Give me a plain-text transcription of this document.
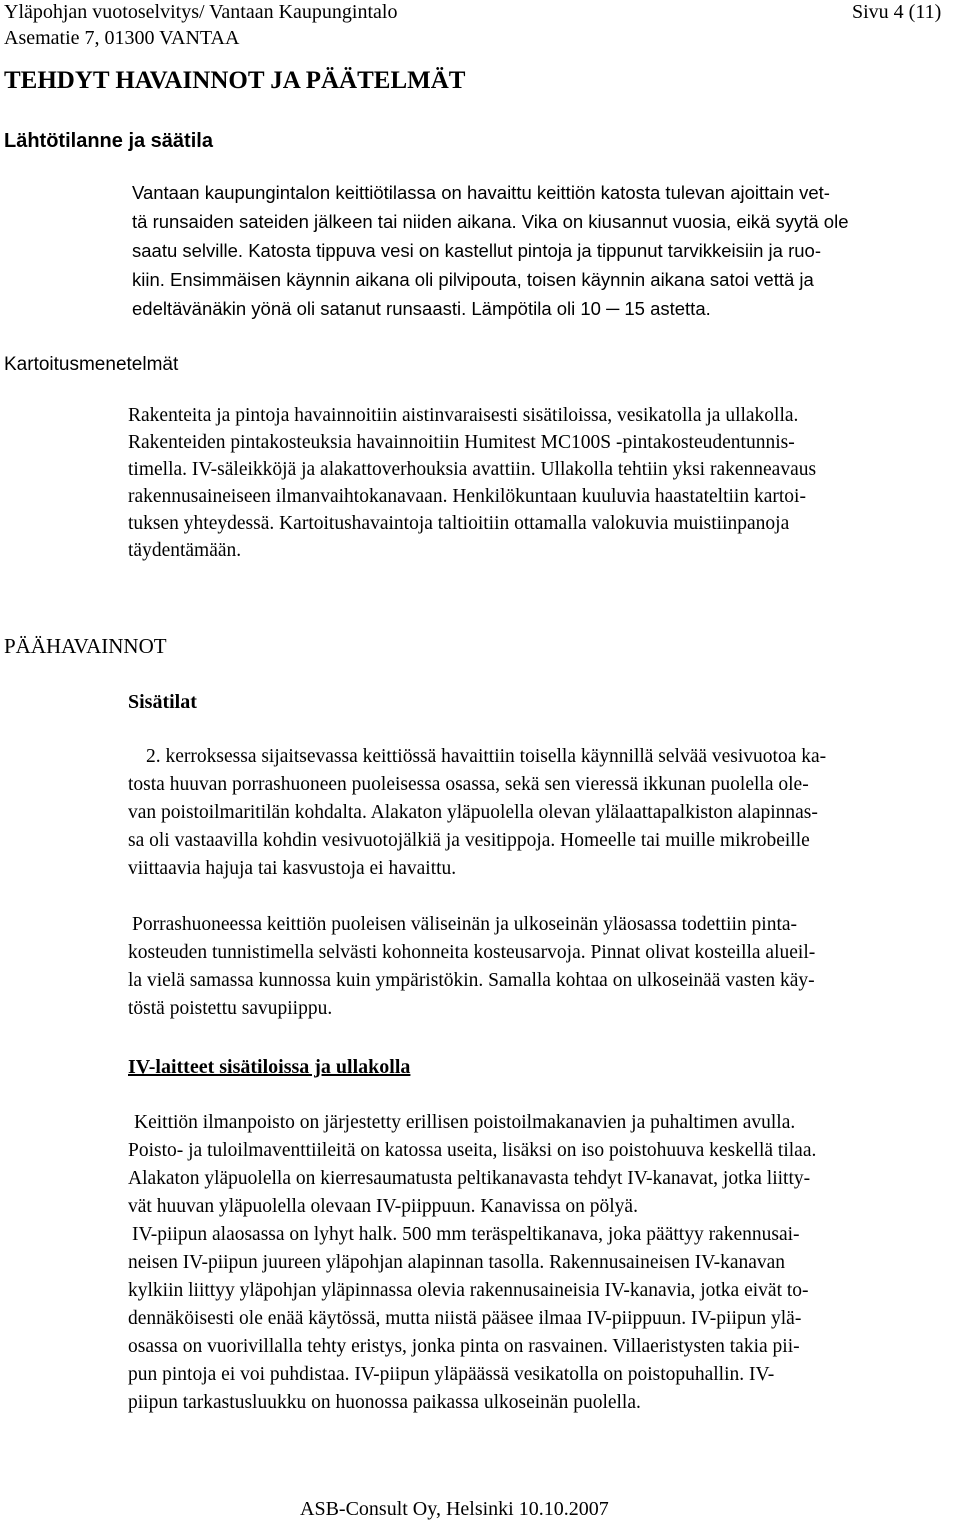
Yläpohjan vuotoselvitys/ Vantaan Kaupungintalo
Asematie 7, 01300 VANTAA
Sivu 4 (11)
TEHDYT HAVAINNOT JA PÄÄTELMÄT
Lähtötilanne ja säätila
Vantaan kaupungintalon keittiötilassa on havaittu keittiön katosta tulevan ajoittain vet-
tä runsaiden sateiden jälkeen tai niiden aikana. Vika on kiusannut vuosia, eikä syytä ole
saatu selville. Katosta tippuva vesi on kastellut pintoja ja tippunut tarvikkeisiin ja ruo-
kiin. Ensimmäisen käynnin aikana oli pilvipouta, toisen käynnin aikana satoi vettä ja
edeltävänäkin yönä oli satanut runsaasti. Lämpötila oli 10 ─ 15 astetta.
Kartoitusmenetelmät
Rakenteita ja pintoja havainnoitiin aistinvaraisesti sisätiloissa, vesikatolla ja ullakolla.
Rakenteiden pintakosteuksia havainnoitiin Humitest MC100S -pintakosteudentunnis-
timella. IV-säleikköjä ja alakattoverhouksia avattiin. Ullakolla tehtiin yksi rakenneavaus
rakennusaineiseen ilmanvaihtokanavaan. Henkilökuntaan kuuluvia haastateltiin kartoi-
tuksen yhteydessä. Kartoitushavaintoja taltioitiin ottamalla valokuvia muistiinpanoja
täydentämään.
PÄÄHAVAINNOT
Sisätilat
2. kerroksessa sijaitsevassa keittiössä havaittiin toisella käynnillä selvää vesivuotoa ka-
tosta huuvan porrashuoneen puoleisessa osassa, sekä sen vieressä ikkunan puolella ole-
van poistoilmaritilän kohdalta. Alakaton yläpuolella olevan ylälaattapalkiston alapinnas-
sa oli vastaavilla kohdin vesivuotojälkiä ja vesitippoja. Homeelle tai muille mikrobeille
viittaavia hajuja tai kasvustoja ei havaittu.
Porrashuoneessa keittiön puoleisen väliseinän ja ulkoseinän yläosassa todettiin pinta-
kosteuden tunnistimella selvästi kohonneita kosteusarvoja. Pinnat olivat kosteilla alueil-
la vielä samassa kunnossa kuin ympäristökin. Samalla kohtaa on ulkoseinää vasten käy-
töstä poistettu savupiippu.
IV-laitteet sisätiloissa ja ullakolla
Keittiön ilmanpoisto on järjestetty erillisen poistoilmakanavien ja puhaltimen avulla.
Poisto- ja tuloilmaventtiileitä on katossa useita, lisäksi on iso poistohuuva keskellä tilaa.
Alakaton yläpuolella on kierresaumatusta peltikanavasta tehdyt IV-kanavat, jotka liitty-
vät huuvan yläpuolella olevaan IV-piippuun. Kanavissa on pölyä.
IV-piipun alaosassa on lyhyt halk. 500 mm teräspeltikanava, joka päättyy rakennusai-
neisen IV-piipun juureen yläpohjan alapinnan tasolla. Rakennusaineisen IV-kanavan
kylkiin liittyy yläpohjan yläpinnassa olevia rakennusaineisia IV-kanavia, jotka eivät to-
dennäköisesti ole enää käytössä, mutta niistä pääsee ilmaa IV-piippuun. IV-piipun ylä-
osassa on vuorivillalla tehty eristys, jonka pinta on rasvainen. Villaeristysten takia pii-
pun pintoja ei voi puhdistaa. IV-piipun yläpäässä vesikatolla on poistopuhallin. IV-
piipun tarkastusluukku on huonossa paikassa ulkoseinän puolella.
ASB-Consult Oy, Helsinki 10.10.2007
